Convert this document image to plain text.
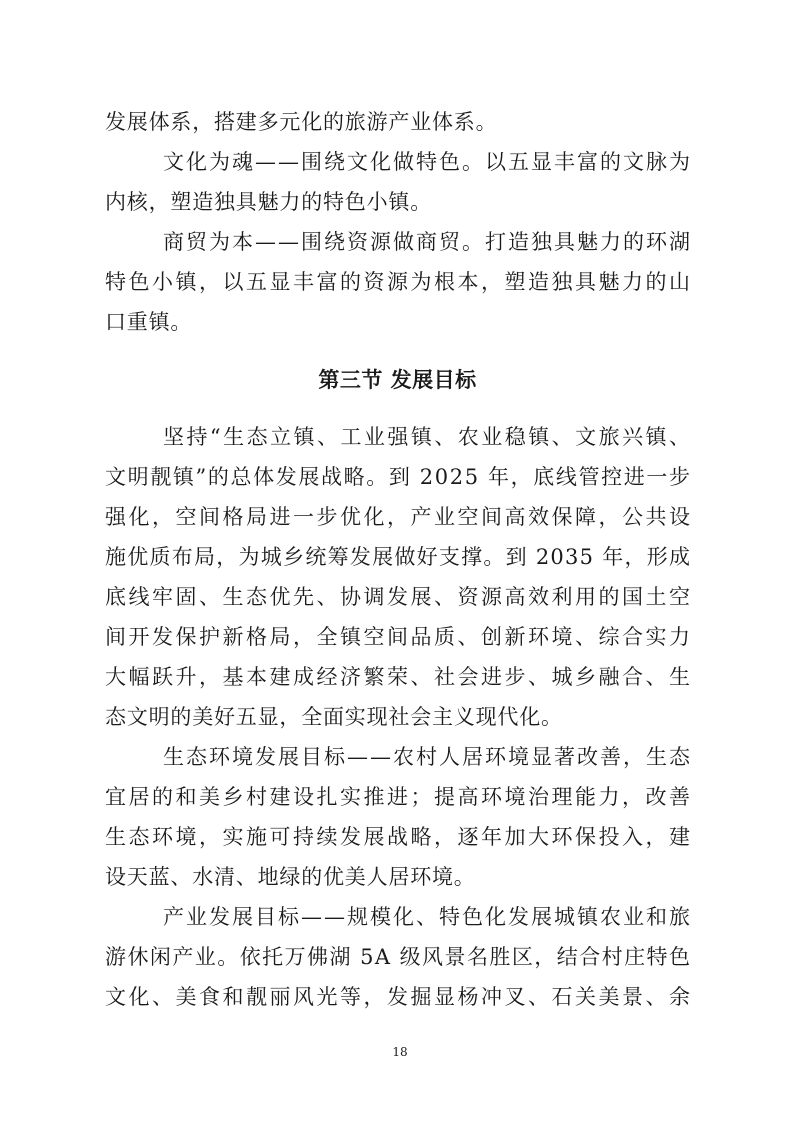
发展体系，搭建多元化的旅游产业体系。
文化为魂——围绕文化做特色。以五显丰富的文脉为
内核，塑造独具魅力的特色小镇。
商贸为本——围绕资源做商贸。打造独具魅力的环湖
特色小镇，以五显丰富的资源为根本，塑造独具魅力的山
口重镇。
第三节 发展目标
坚持“生态立镇、工业强镇、农业稳镇、文旅兴镇、
文明靓镇”的总体发展战略。到 2025 年，底线管控进一步
强化，空间格局进一步优化，产业空间高效保障，公共设
施优质布局，为城乡统筹发展做好支撑。到 2035 年，形成
底线牢固、生态优先、协调发展、资源高效利用的国土空
间开发保护新格局，全镇空间品质、创新环境、综合实力
大幅跃升，基本建成经济繁荣、社会进步、城乡融合、生
态文明的美好五显，全面实现社会主义现代化。
生态环境发展目标——农村人居环境显著改善，生态
宜居的和美乡村建设扎实推进；提高环境治理能力，改善
生态环境，实施可持续发展战略，逐年加大环保投入，建
设天蓝、水清、地绿的优美人居环境。
产业发展目标——规模化、特色化发展城镇农业和旅
游休闲产业。依托万佛湖 5A 级风景名胜区，结合村庄特色
文化、美食和靓丽风光等，发掘显杨冲叉、石关美景、余
18
